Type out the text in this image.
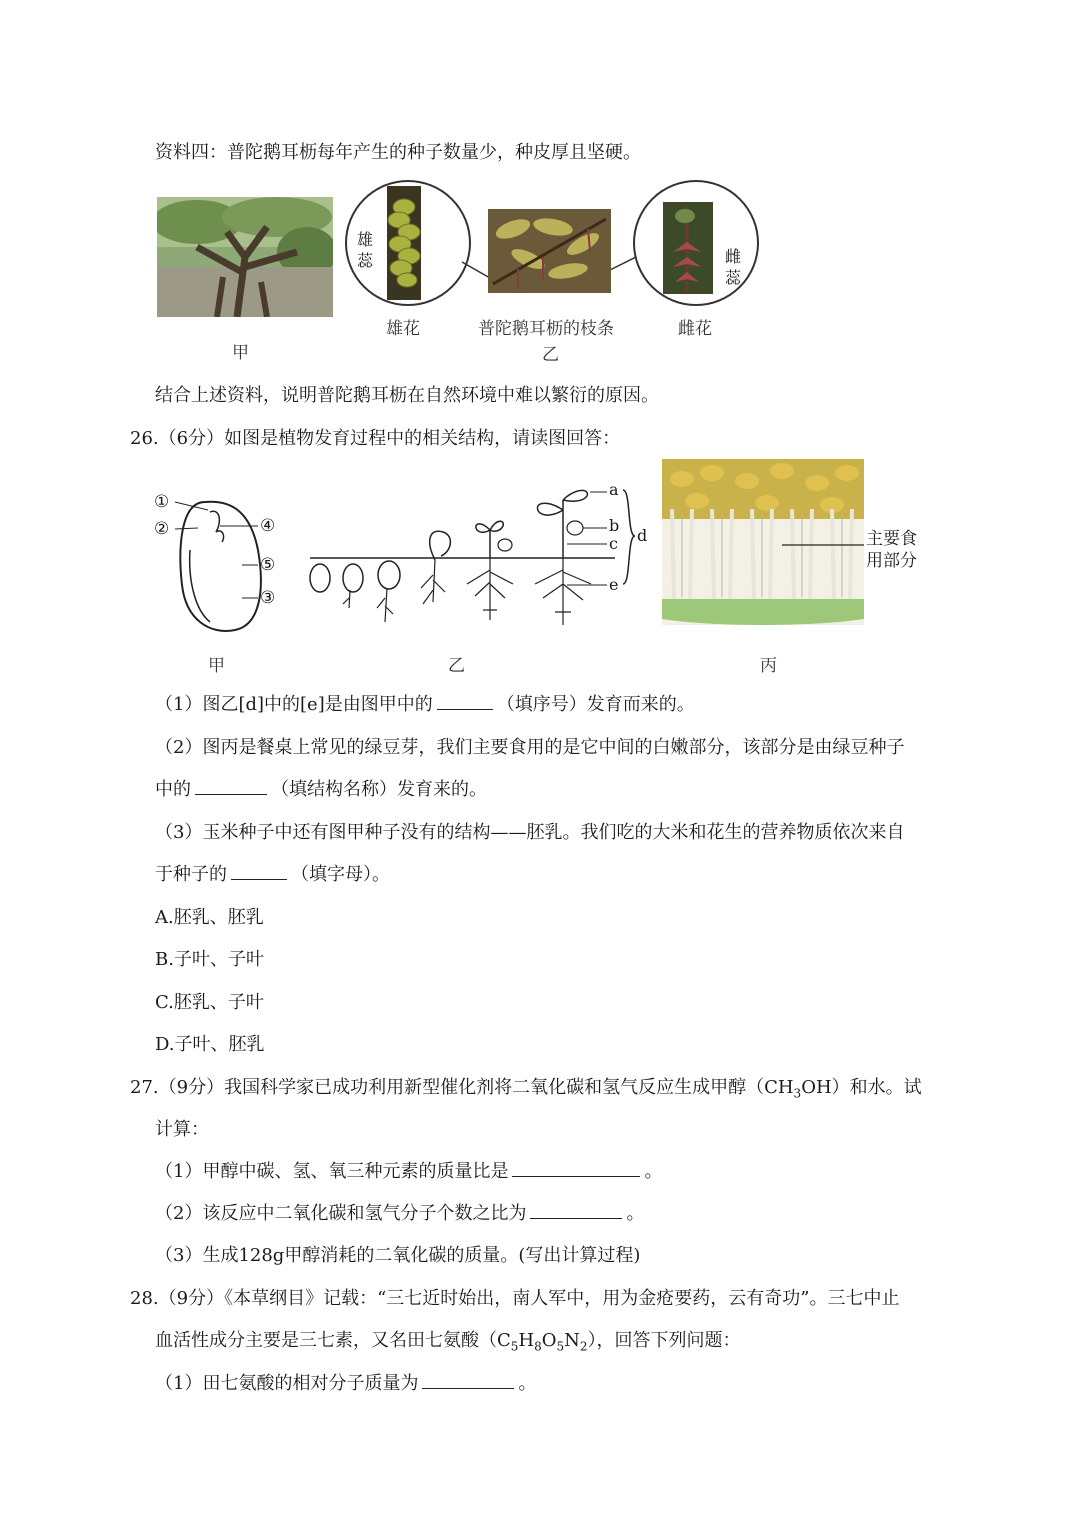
资料四：普陀鹅耳枥每年产生的种子数量少，种皮厚且坚硬。
甲
雄
蕊
雄花	普陀鹅耳枥的枝条
乙
雌
蕊
雌花
结合上述资料，说明普陀鹅耳枥在自然环境中难以繁衍的原因。
26.（6分）如图是植物发育过程中的相关结构，请读图回答：
①
②	④
⑤
③
甲
a
b
c
e
d
乙
主要食
用部分
丙
（1）图乙[d]中的[e]是由图甲中的	（填序号）发育而来的。
（2）图丙是餐桌上常见的绿豆芽，我们主要食用的是它中间的白嫩部分，该部分是由绿豆种子
中的	（填结构名称）发育来的。
（3）玉米种子中还有图甲种子没有的结构——胚乳。我们吃的大米和花生的营养物质依次来自
于种子的	（填字母）。
A.胚乳、胚乳
B.子叶、子叶
C.胚乳、子叶
D.子叶、胚乳
27.（9分）我国科学家已成功利用新型催化剂将二氧化碳和氢气反应生成甲醇$(CH_3OH)$和水。试
计算：
（1）甲醇中碳、氢、氧三种元素的质量比是	。
（2）该反应中二氧化碳和氢气分子个数之比为	。
（3）生成128g甲醇消耗的二氧化碳的质量。(写出计算过程)
28.（9分）《本草纲目》记载：“三七近时始出，南人军中，用为金疮要药，云有奇功”。三七中止
血活性成分主要是三七素，又名田七氨酸$(C_5H_8O_5N_2)$，回答下列问题：
（1）田七氨酸的相对分子质量为	。
